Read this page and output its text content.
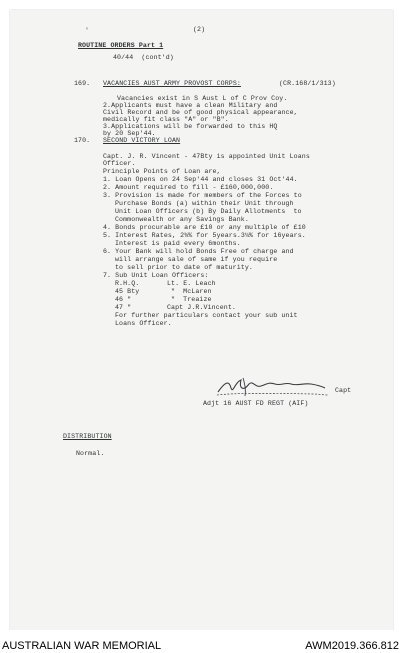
'	(2)
ROUTINE ORDERS Part 1
40/44  (cont'd)
169. VACANCIES AUST ARMY PROVOST CORPS:	(CR.168/1/313)
Vacancies exist in S Aust L of C Prov Coy.
2.Applicants must have a clean Military and
Civil Record and be of good physical appearance,
medically fit class "A" or "B".
3.Applications will be forwarded to this HQ
by 20 Sep'44.
170. SECOND VICTORY LOAN
Capt. J. R. Vincent - 47Bty is appointed Unit Loans
Officer.
Principle Points of Loan are,
1. Loan Opens on 24 Sep'44 and closes 31 Oct'44.
2. Amount required to fill - £160,000,000.
3. Provision is made for members of the Forces to
Purchase Bonds (a) within their Unit through
Unit Loan Officers (b) By Daily Allotments  to
Commonwealth or any Savings Bank.
4. Bonds procurable are £10 or any multiple of £10
5. Interest Rates, 2¾% for 5years.3¼% for 16years.
Interest is paid every 6months.
6. Your Bank will hold Bonds Free of charge and
will arrange sale of same if you require
to sell prior to date of maturity.
7. Sub Unit Loan Officers:
R.H.Q.	Lt. E. Leach
45 Bty	"  McLaren
46 "	"  Treaize
47 "	Capt J.R.Vincent.
For further particulars contact your sub unit
Loans Officer.
Capt
Adjt 16 AUST FD REGT (AIF)
DISTRIBUTION
Normal.
AUSTRALIAN WAR MEMORIAL	AWM2019.366.812
